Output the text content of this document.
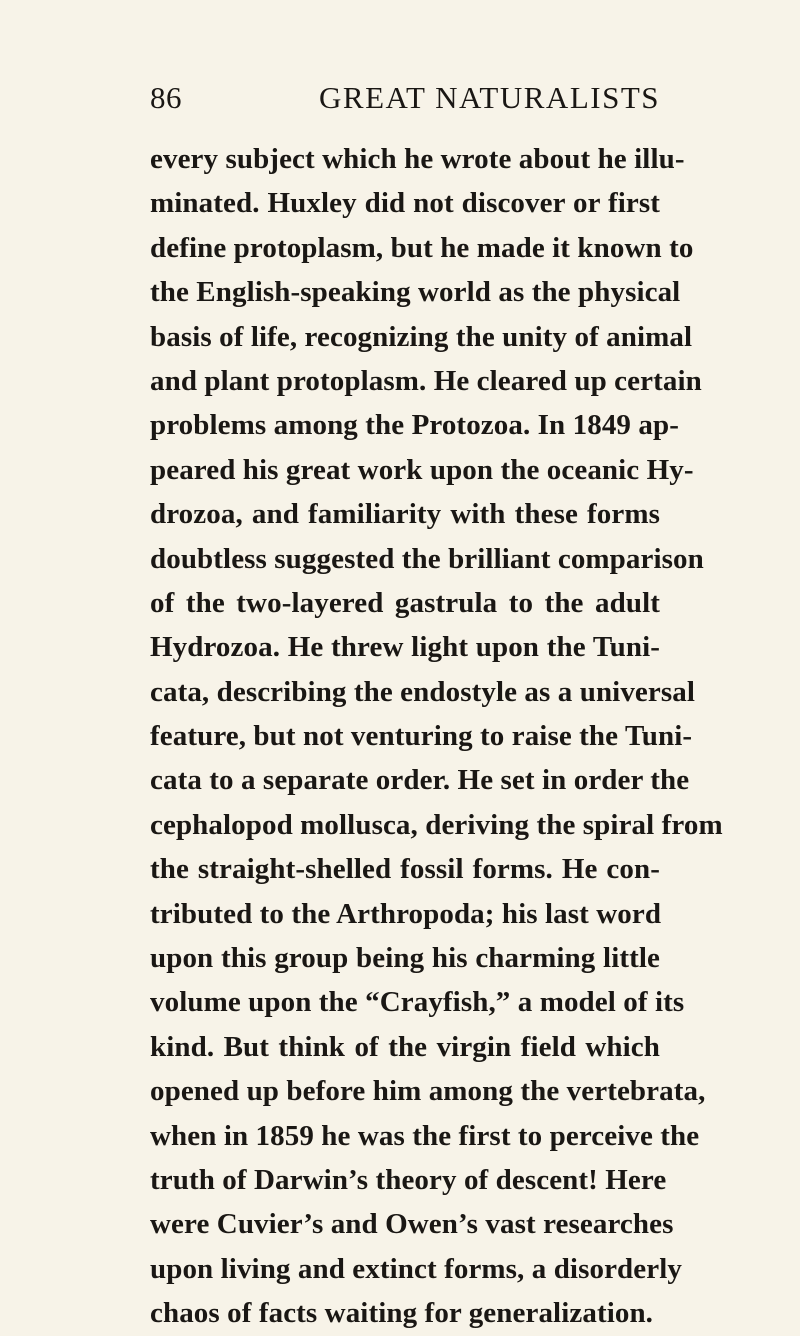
86	GREAT NATURALISTS
every subject which he wrote about he illu-
minated. Huxley did not discover or first
define protoplasm, but he made it known to
the English-speaking world as the physical
basis of life, recognizing the unity of animal
and plant protoplasm. He cleared up certain
problems among the Protozoa. In 1849 ap-
peared his great work upon the oceanic Hy-
drozoa, and familiarity with these forms
doubtless suggested the brilliant comparison
of the two-layered gastrula to the adult
Hydrozoa. He threw light upon the Tuni-
cata, describing the endostyle as a universal
feature, but not venturing to raise the Tuni-
cata to a separate order. He set in order the
cephalopod mollusca, deriving the spiral from
the straight-shelled fossil forms. He con-
tributed to the Arthropoda; his last word
upon this group being his charming little
volume upon the “Crayfish,” a model of its
kind. But think of the virgin field which
opened up before him among the vertebrata,
when in 1859 he was the first to perceive the
truth of Darwin’s theory of descent! Here
were Cuvier’s and Owen’s vast researches
upon living and extinct forms, a disorderly
chaos of facts waiting for generalization.
